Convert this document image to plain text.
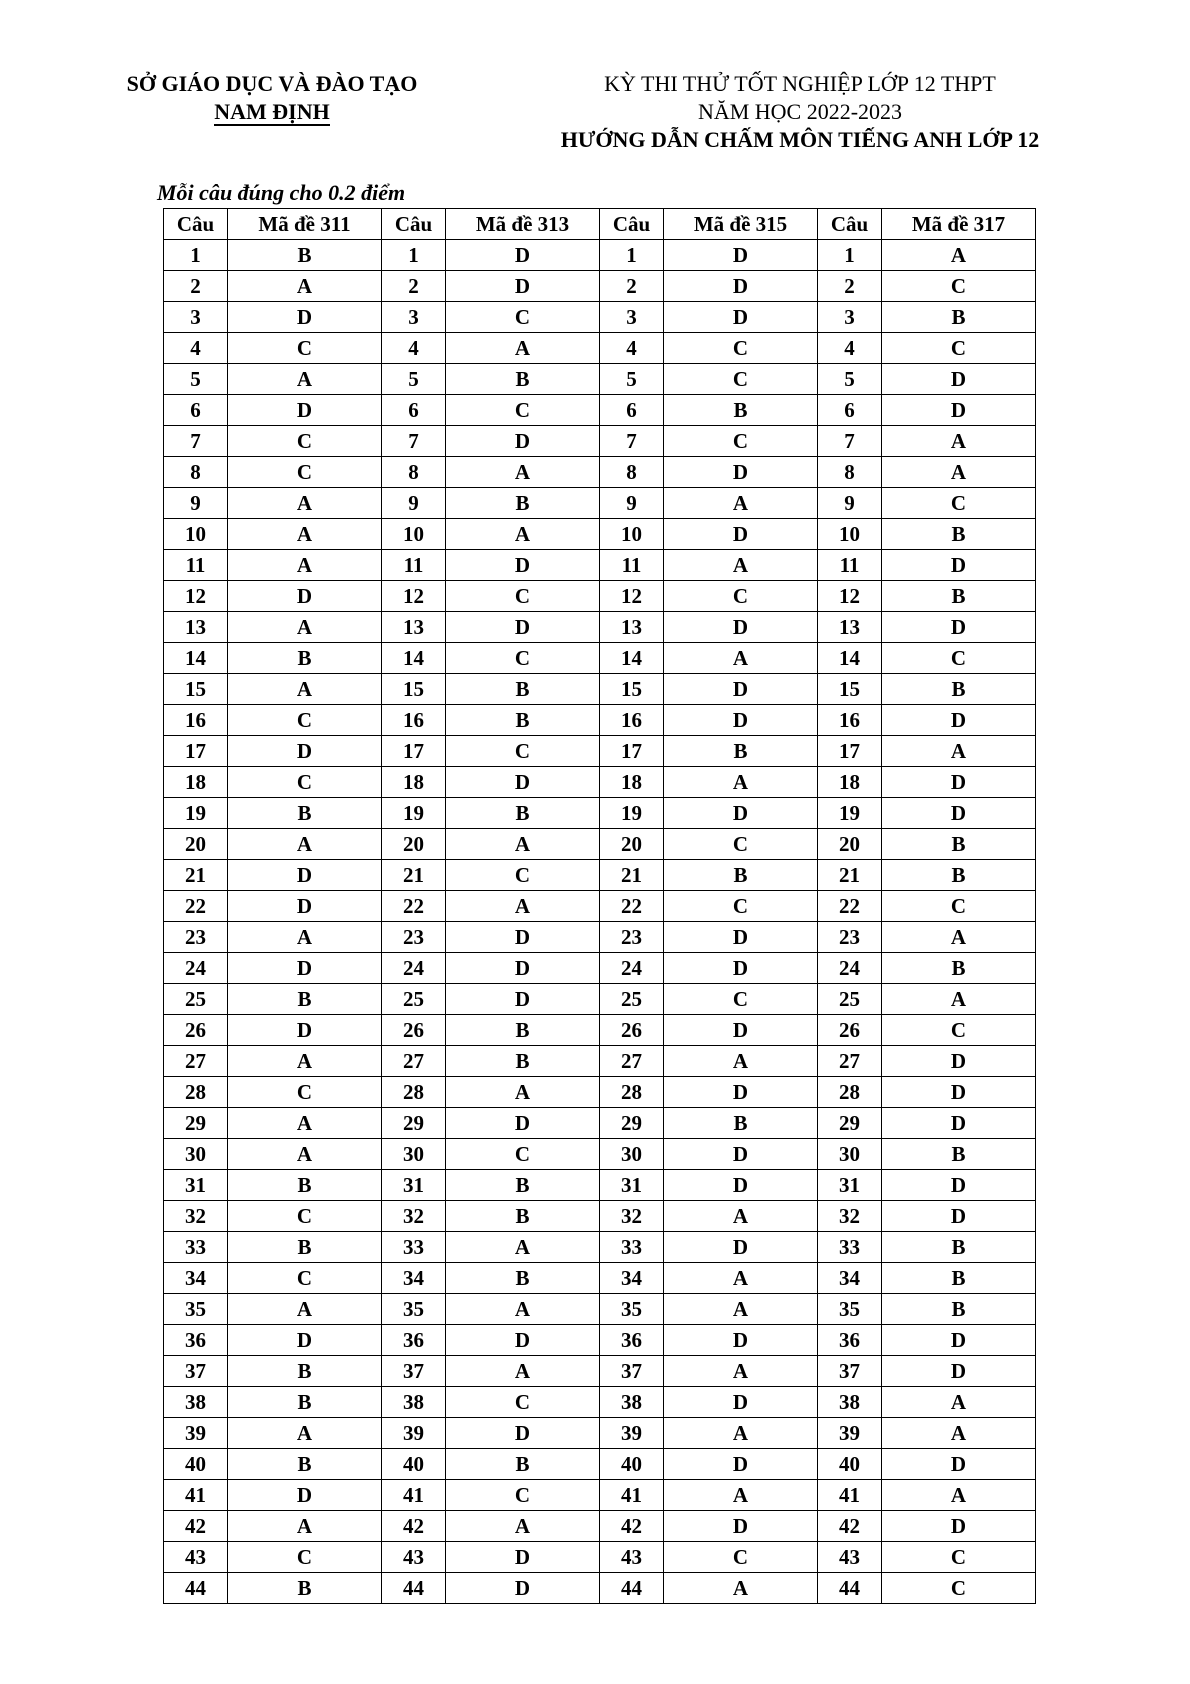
SỞ GIÁO DỤC VÀ ĐÀO TẠO
NAM ĐỊNH
KỲ THI THỬ TỐT NGHIỆP LỚP 12 THPT
NĂM HỌC 2022-2023
HƯỚNG DẪN CHẤM MÔN TIẾNG ANH LỚP 12
Mỗi câu đúng cho 0.2 điểm
Câu	Mã đề 311	Câu	Mã đề 313	Câu	Mã đề 315	Câu	Mã đề 317
1	B	1	D	1	D	1	A
2	A	2	D	2	D	2	C
3	D	3	C	3	D	3	B
4	C	4	A	4	C	4	C
5	A	5	B	5	C	5	D
6	D	6	C	6	B	6	D
7	C	7	D	7	C	7	A
8	C	8	A	8	D	8	A
9	A	9	B	9	A	9	C
10	A	10	A	10	D	10	B
11	A	11	D	11	A	11	D
12	D	12	C	12	C	12	B
13	A	13	D	13	D	13	D
14	B	14	C	14	A	14	C
15	A	15	B	15	D	15	B
16	C	16	B	16	D	16	D
17	D	17	C	17	B	17	A
18	C	18	D	18	A	18	D
19	B	19	B	19	D	19	D
20	A	20	A	20	C	20	B
21	D	21	C	21	B	21	B
22	D	22	A	22	C	22	C
23	A	23	D	23	D	23	A
24	D	24	D	24	D	24	B
25	B	25	D	25	C	25	A
26	D	26	B	26	D	26	C
27	A	27	B	27	A	27	D
28	C	28	A	28	D	28	D
29	A	29	D	29	B	29	D
30	A	30	C	30	D	30	B
31	B	31	B	31	D	31	D
32	C	32	B	32	A	32	D
33	B	33	A	33	D	33	B
34	C	34	B	34	A	34	B
35	A	35	A	35	A	35	B
36	D	36	D	36	D	36	D
37	B	37	A	37	A	37	D
38	B	38	C	38	D	38	A
39	A	39	D	39	A	39	A
40	B	40	B	40	D	40	D
41	D	41	C	41	A	41	A
42	A	42	A	42	D	42	D
43	C	43	D	43	C	43	C
44	B	44	D	44	A	44	C
